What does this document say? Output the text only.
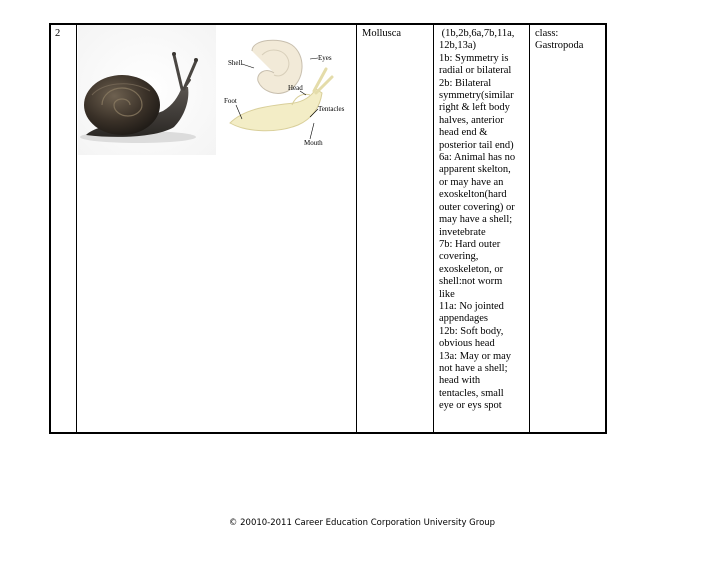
2	Mollusca	(1b,2b,6a,7b,11a,
12b,13a)
1b: Symmetry is
radial or bilateral
2b: Bilateral
symmetry(similar
right & left body
halves, anterior
head end &
posterior tail end)
6a: Animal has no
apparent skelton,
or may have an
exoskelton(hard
outer covering) or
may have a shell;
invetebrate
7b: Hard outer
covering,
exoskeleton, or
shell:not worm
like
11a: No jointed
appendages
12b: Soft body,
obvious head
13a: May or may
not have a shell;
head with
tentacles, small
eye or eys spot
class:
Gastropoda
Shell
Eyes
Head
Foot
Tentacles
Mouth
© 20010-2011 Career Education Corporation University Group
